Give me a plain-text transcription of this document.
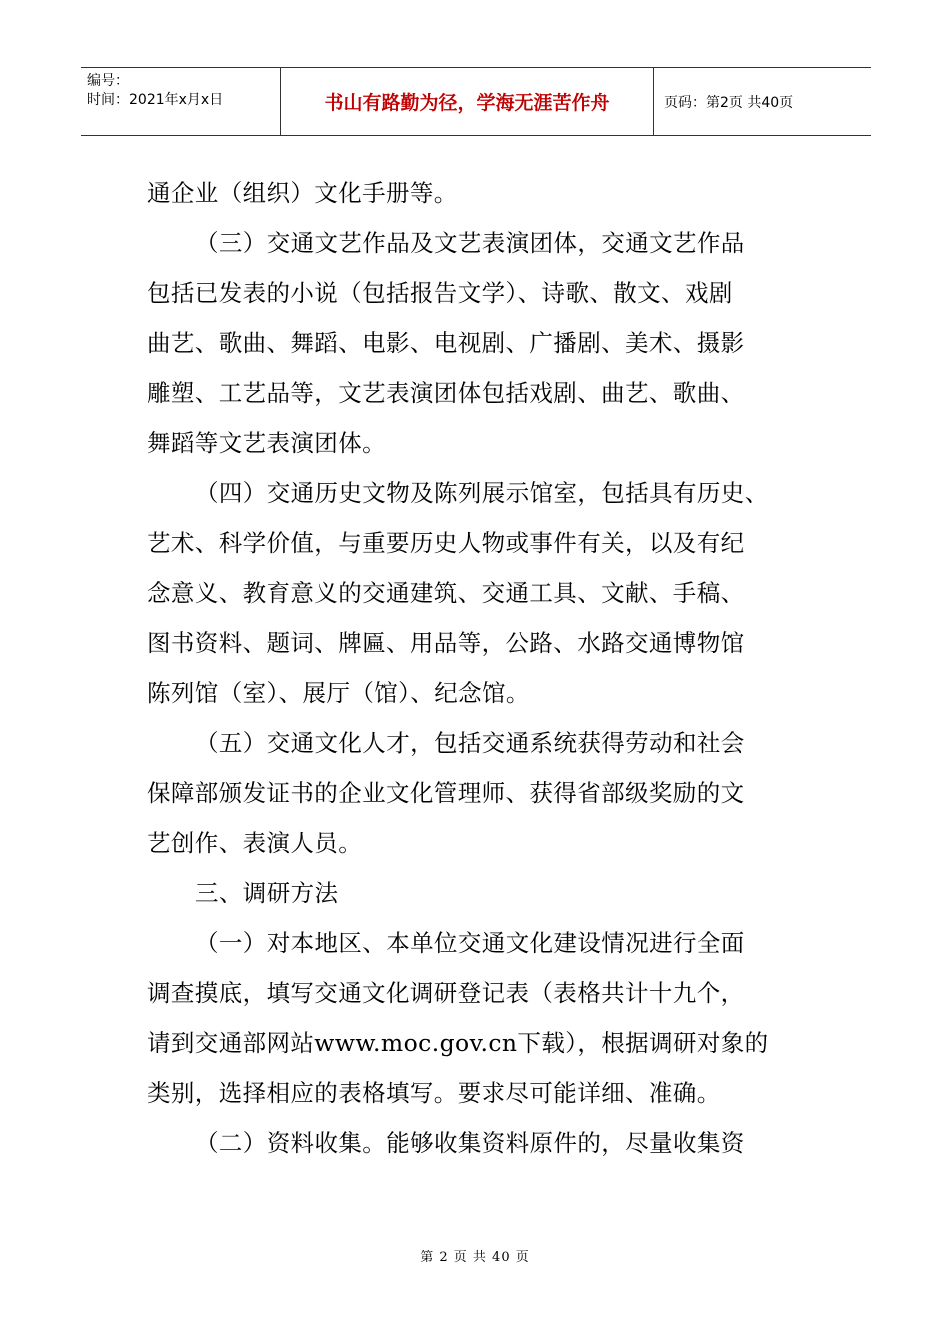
编号：
时间：2021年x月x日	书山有路勤为径，学海无涯苦作舟	页码：第2页 共40页
通企业（组织）文化手册等。
（三）交通文艺作品及文艺表演团体，交通文艺作品
包括已发表的小说（包括报告文学）、诗歌、散文、戏剧
曲艺、歌曲、舞蹈、电影、电视剧、广播剧、美术、摄影
雕塑、工艺品等，文艺表演团体包括戏剧、曲艺、歌曲、
舞蹈等文艺表演团体。
（四）交通历史文物及陈列展示馆室，包括具有历史、
艺术、科学价值，与重要历史人物或事件有关，以及有纪
念意义、教育意义的交通建筑、交通工具、文献、手稿、
图书资料、题词、牌匾、用品等，公路、水路交通博物馆
陈列馆（室）、展厅（馆）、纪念馆。
（五）交通文化人才，包括交通系统获得劳动和社会
保障部颁发证书的企业文化管理师、获得省部级奖励的文
艺创作、表演人员。
三、调研方法
（一）对本地区、本单位交通文化建设情况进行全面
调查摸底，填写交通文化调研登记表（表格共计十九个，
请到交通部网站www.moc.gov.cn下载），根据调研对象的
类别，选择相应的表格填写。要求尽可能详细、准确。
（二）资料收集。能够收集资料原件的，尽量收集资
第 2 页 共 40 页
